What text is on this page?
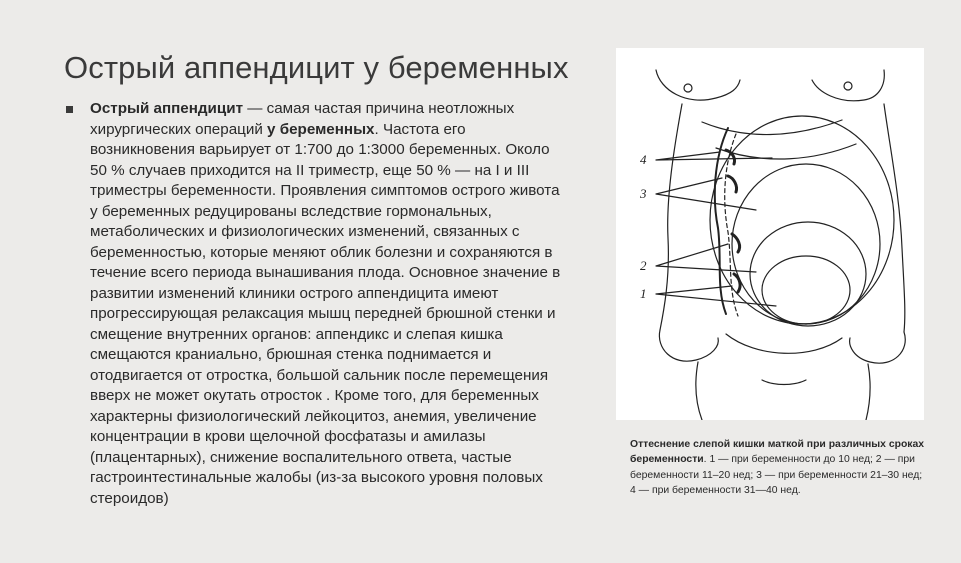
Острый аппендицит у беременных

Острый аппендицит — самая частая причина неотложных хирургических операций у беременных. Частота его возникновения варьирует от 1:700 до 1:3000 беременных. Около 50 % случаев приходится на II триместр, еще 50 % — на I и III триместры беременности. Проявления симптомов острого живота у беременных редуцированы вследствие гормональных, метаболических и физиологических изменений, связанных с беременностью, которые меняют облик болезни и сохраняются в течение всего периода вынашивания плода. Основное значение в развитии изменений клиники острого аппендицита имеют прогрессирующая релаксация мышц передней брюшной стенки и смещение внутренних органов: аппендикс и слепая кишка смещаются краниально, брюшная стенка поднимается и отодвигается от отростка, большой сальник после перемещения вверх не может окутать отросток . Кроме того, для беременных характерны физиологический лейкоцитоз, анемия, увеличение концентрации в крови щелочной фосфатазы и амилазы (плацентарных), снижение воспалительного ответа, частые гастроинтестинальные жалобы (из-за высокого уровня половых стероидов)

4
3
2
1
Оттеснение слепой кишки маткой при различных сроках беременности. 1 — при беременности до 10 нед; 2 — при беременности 11–20 нед; 3 — при беременности 21–30 нед; 4 — при беременности 31—40 нед.
